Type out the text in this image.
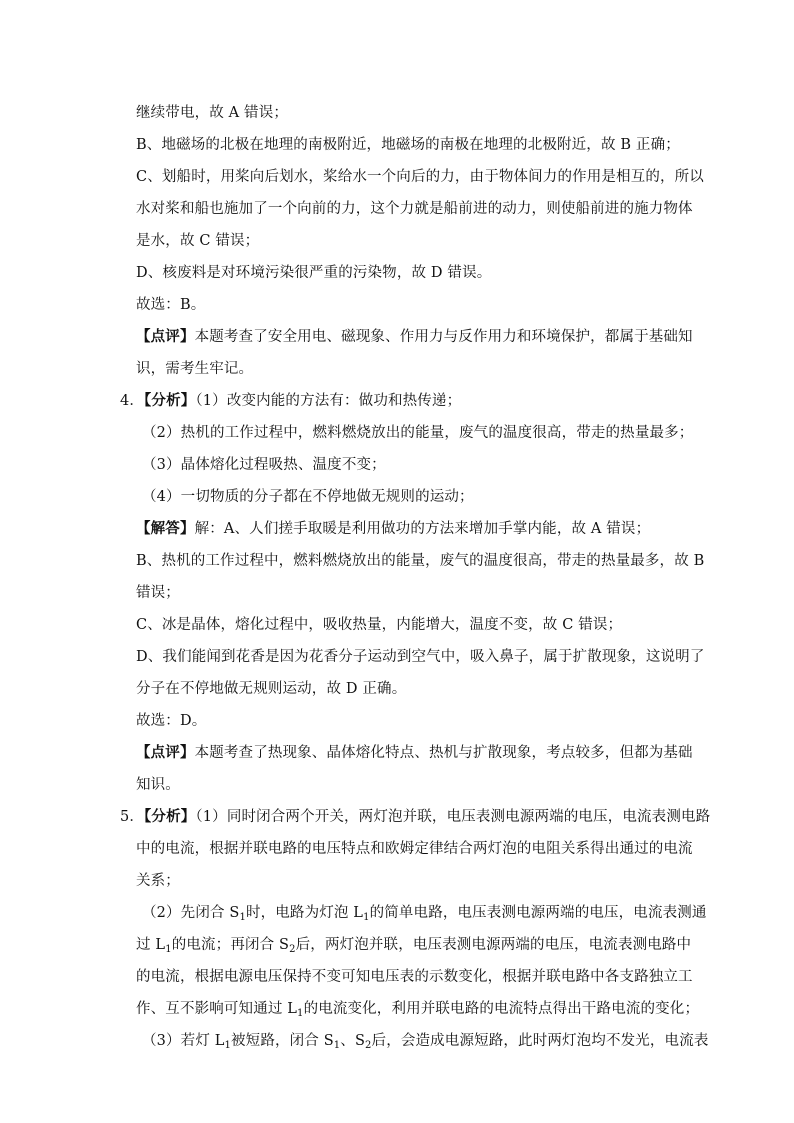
继续带电，故 A 错误；
B、地磁场的北极在地理的南极附近，地磁场的南极在地理的北极附近，故 B 正确；
C、划船时，用桨向后划水，桨给水一个向后的力，由于物体间力的作用是相互的，所以
水对桨和船也施加了一个向前的力，这个力就是船前进的动力，则使船前进的施力物体
是水，故 C 错误；
D、核废料是对环境污染很严重的污染物，故 D 错误。
故选：B。
【点评】本题考查了安全用电、磁现象、作用力与反作用力和环境保护，都属于基础知
识，需考生牢记。
4．【分析】（1）改变内能的方法有：做功和热传递；
（2）热机的工作过程中，燃料燃烧放出的能量，废气的温度很高，带走的热量最多；
（3）晶体熔化过程吸热、温度不变；
（4）一切物质的分子都在不停地做无规则的运动；
【解答】解：A、人们搓手取暖是利用做功的方法来增加手掌内能，故 A 错误；
B、热机的工作过程中，燃料燃烧放出的能量，废气的温度很高，带走的热量最多，故 B
错误；
C、冰是晶体，熔化过程中，吸收热量，内能增大，温度不变，故 C 错误；
D、我们能闻到花香是因为花香分子运动到空气中，吸入鼻子，属于扩散现象，这说明了
分子在不停地做无规则运动，故 D 正确。
故选：D。
【点评】本题考查了热现象、晶体熔化特点、热机与扩散现象，考点较多，但都为基础
知识。
5．【分析】（1）同时闭合两个开关，两灯泡并联，电压表测电源两端的电压，电流表测电路
中的电流，根据并联电路的电压特点和欧姆定律结合两灯泡的电阻关系得出通过的电流
关系；
（2）先闭合 $S_1$时，电路为灯泡 $L_1$的简单电路，电压表测电源两端的电压，电流表测通
过 $L_1$的电流；再闭合 $S_2$后，两灯泡并联，电压表测电源两端的电压，电流表测电路中
的电流，根据电源电压保持不变可知电压表的示数变化，根据并联电路中各支路独立工
作、互不影响可知通过 $L_1$的电流变化，利用并联电路的电流特点得出干路电流的变化；
（3）若灯 $L_1$被短路，闭合 $S_1$、$S_2$后，会造成电源短路，此时两灯泡均不发光，电流表
